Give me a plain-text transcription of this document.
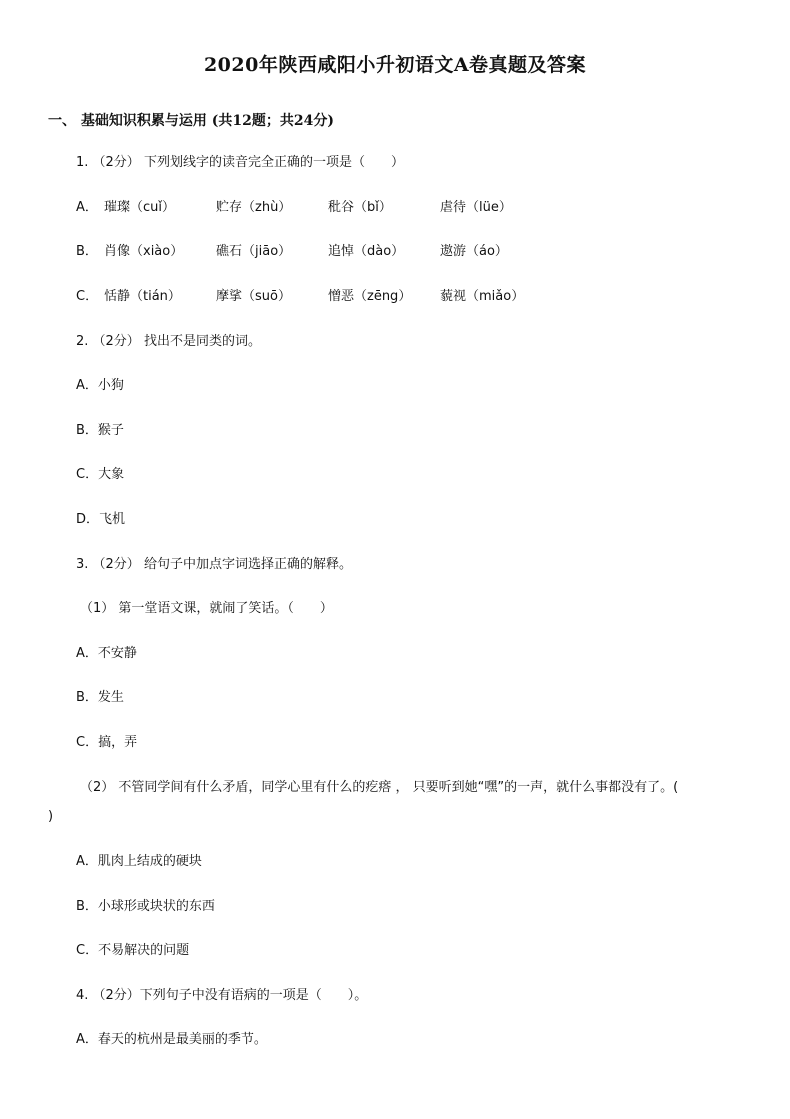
2020年陕西咸阳小升初语文A卷真题及答案
一、 基础知识积累与运用 (共12题；共24分)
1. （2分） 下列划线字的读音完全正确的一项是（　　）
A． 璀璨（cuǐ）	贮存（zhù）	秕谷（bǐ）	虐待（lüe）
B． 肖像（xiào）	礁石（jiāo）	追悼（dào）	遨游（áo）
C． 恬静（tián）	摩挲（suō）	憎恶（zēng） 藐视（miǎo）
2. （2分） 找出不是同类的词。
A．小狗
B．猴子
C．大象
D．飞机
3. （2分） 给句子中加点字词选择正确的解释。
（1） 第一堂语文课，就闹了笑话。（　　）
A．不安静
B．发生
C．搞，弄
（2） 不管同学间有什么矛盾，同学心里有什么的疙瘩 ， 只要听到她“嘿”的一声，就什么事都没有了。(
)
A．肌肉上结成的硬块
B．小球形或块状的东西
C．不易解决的问题
4. （2分）下列句子中没有语病的一项是（　　）。
A．春天的杭州是最美丽的季节。
